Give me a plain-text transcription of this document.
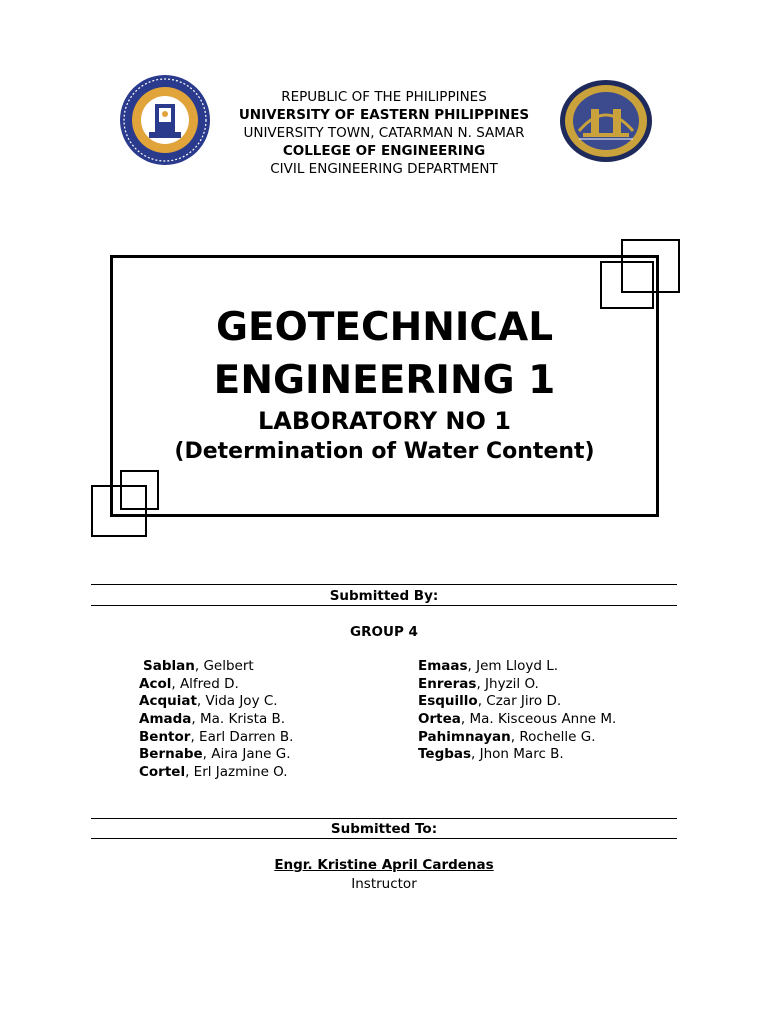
REPUBLIC OF THE PHILIPPINES
UNIVERSITY OF EASTERN PHILIPPINES
UNIVERSITY TOWN, CATARMAN N. SAMAR
COLLEGE OF ENGINEERING
CIVIL ENGINEERING DEPARTMENT
GEOTECHNICAL
ENGINEERING 1
LABORATORY NO 1
(Determination of Water Content)
Submitted By:
GROUP 4
Sablan, Gelbert
Acol, Alfred D.
Acquiat, Vida Joy C.
Amada, Ma. Krista B.
Bentor, Earl Darren B.
Bernabe, Aira Jane G.
Cortel, Erl Jazmine O.
Emaas, Jem Lloyd L.
Enreras, Jhyzil O.
Esquillo, Czar Jiro D.
Ortea, Ma. Kisceous Anne M.
Pahimnayan, Rochelle G.
Tegbas, Jhon Marc B.
Submitted To:
Engr. Kristine April Cardenas
Instructor
